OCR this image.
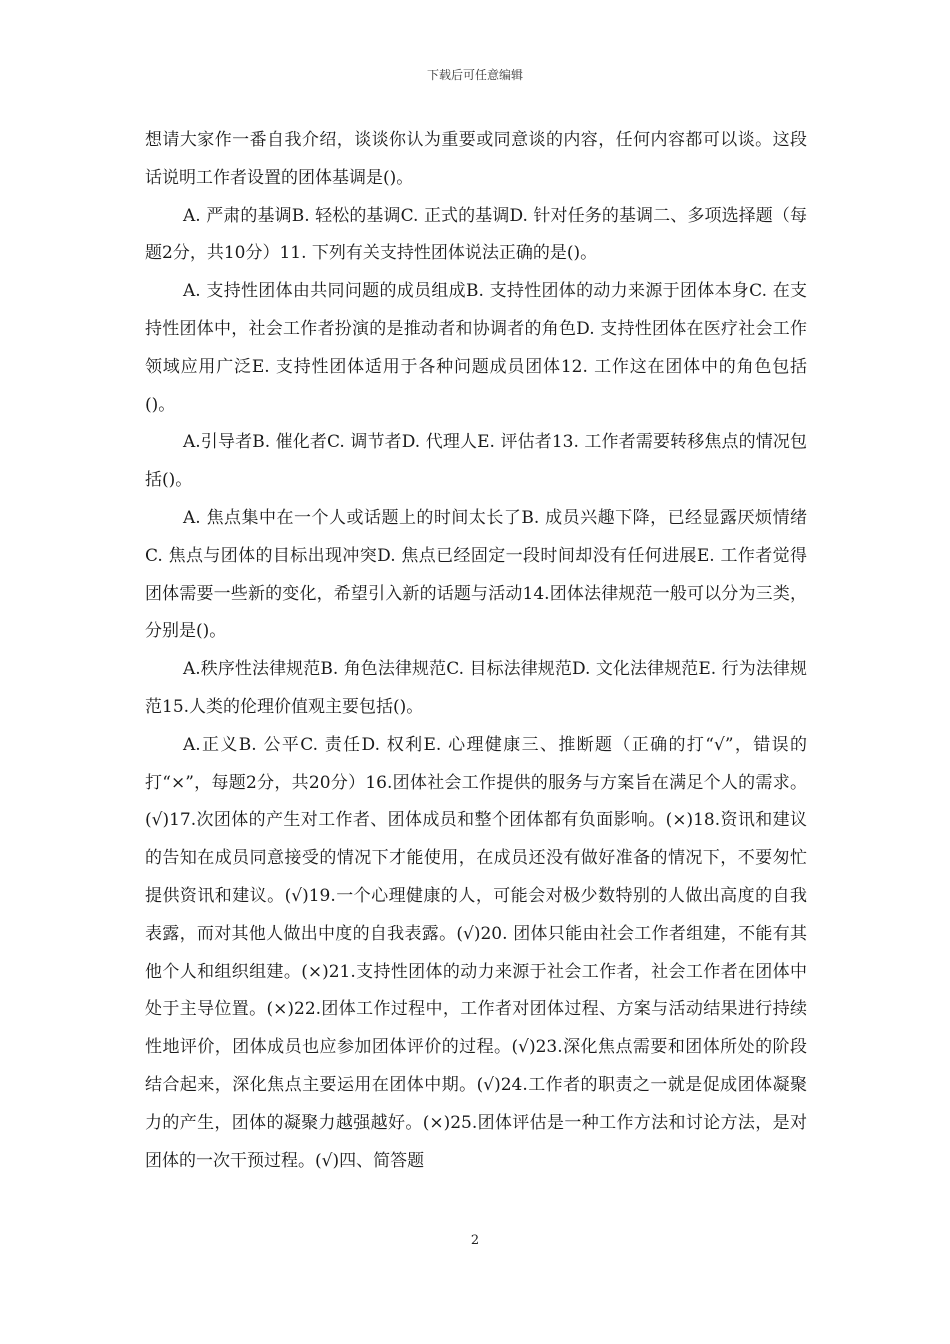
下载后可任意编辑

想请大家作一番自我介绍，谈谈你认为重要或同意谈的内容，任何内容都可以谈。这段话说明工作者设置的团体基调是()。

A. 严肃的基调B. 轻松的基调C. 正式的基调D. 针对任务的基调二、多项选择题（每题2分，共10分）11. 下列有关支持性团体说法正确的是()。

A. 支持性团体由共同问题的成员组成B. 支持性团体的动力来源于团体本身C. 在支持性团体中，社会工作者扮演的是推动者和协调者的角色D. 支持性团体在医疗社会工作领域应用广泛E. 支持性团体适用于各种问题成员团体12. 工作这在团体中的角色包括()。

A.引导者B. 催化者C. 调节者D. 代理人E. 评估者13. 工作者需要转移焦点的情况包括()。

A. 焦点集中在一个人或话题上的时间太长了B. 成员兴趣下降，已经显露厌烦情绪C. 焦点与团体的目标出现冲突D. 焦点已经固定一段时间却没有任何进展E. 工作者觉得团体需要一些新的变化，希望引入新的话题与活动14.团体法律规范一般可以分为三类，分别是()。

A.秩序性法律规范B. 角色法律规范C. 目标法律规范D. 文化法律规范E. 行为法律规范15.人类的伦理价值观主要包括()。

A.正义B. 公平C. 责任D. 权利E. 心理健康三、推断题（正确的打“√”，错误的打“×”，每题2分，共20分）16.团体社会工作提供的服务与方案旨在满足个人的需求。(√)17.次团体的产生对工作者、团体成员和整个团体都有负面影响。(×)18.资讯和建议的告知在成员同意接受的情况下才能使用，在成员还没有做好准备的情况下，不要匆忙提供资讯和建议。(√)19.一个心理健康的人，可能会对极少数特别的人做出高度的自我表露，而对其他人做出中度的自我表露。(√)20. 团体只能由社会工作者组建，不能有其他个人和组织组建。(×)21.支持性团体的动力来源于社会工作者，社会工作者在团体中处于主导位置。(×)22.团体工作过程中，工作者对团体过程、方案与活动结果进行持续性地评价，团体成员也应参加团体评价的过程。(√)23.深化焦点需要和团体所处的阶段结合起来，深化焦点主要运用在团体中期。(√)24.工作者的职责之一就是促成团体凝聚力的产生，团体的凝聚力越强越好。(×)25.团体评估是一种工作方法和讨论方法，是对团体的一次干预过程。(√)四、简答题

2
